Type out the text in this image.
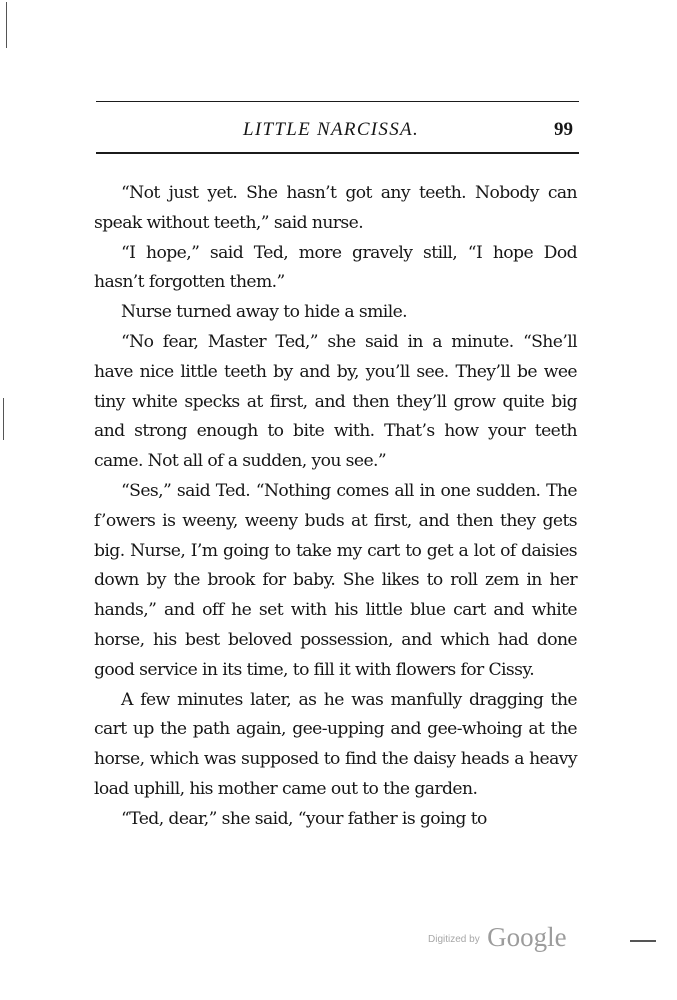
LITTLE NARCISSA.	99

“Not just yet. She hasn’t got any teeth. Nobody can speak without teeth,” said nurse.

“I hope,” said Ted, more gravely still, “I hope Dod hasn’t forgotten them.”

Nurse turned away to hide a smile.

“No fear, Master Ted,” she said in a minute. “She’ll have nice little teeth by and by, you’ll see. They’ll be wee tiny white specks at first, and then they’ll grow quite big and strong enough to bite with. That’s how your teeth came. Not all of a sudden, you see.”

“Ses,” said Ted. “Nothing comes all in one sudden. The f’owers is weeny, weeny buds at first, and then they gets big. Nurse, I’m going to take my cart to get a lot of daisies down by the brook for baby. She likes to roll zem in her hands,” and off he set with his little blue cart and white horse, his best beloved possession, and which had done good service in its time, to fill it with flowers for Cissy.

A few minutes later, as he was manfully dragging the cart up the path again, gee-upping and gee-whoing at the horse, which was supposed to find the daisy heads a heavy load uphill, his mother came out to the garden.

“Ted, dear,” she said, “your father is going to

$^{Digitized by}$ Google
